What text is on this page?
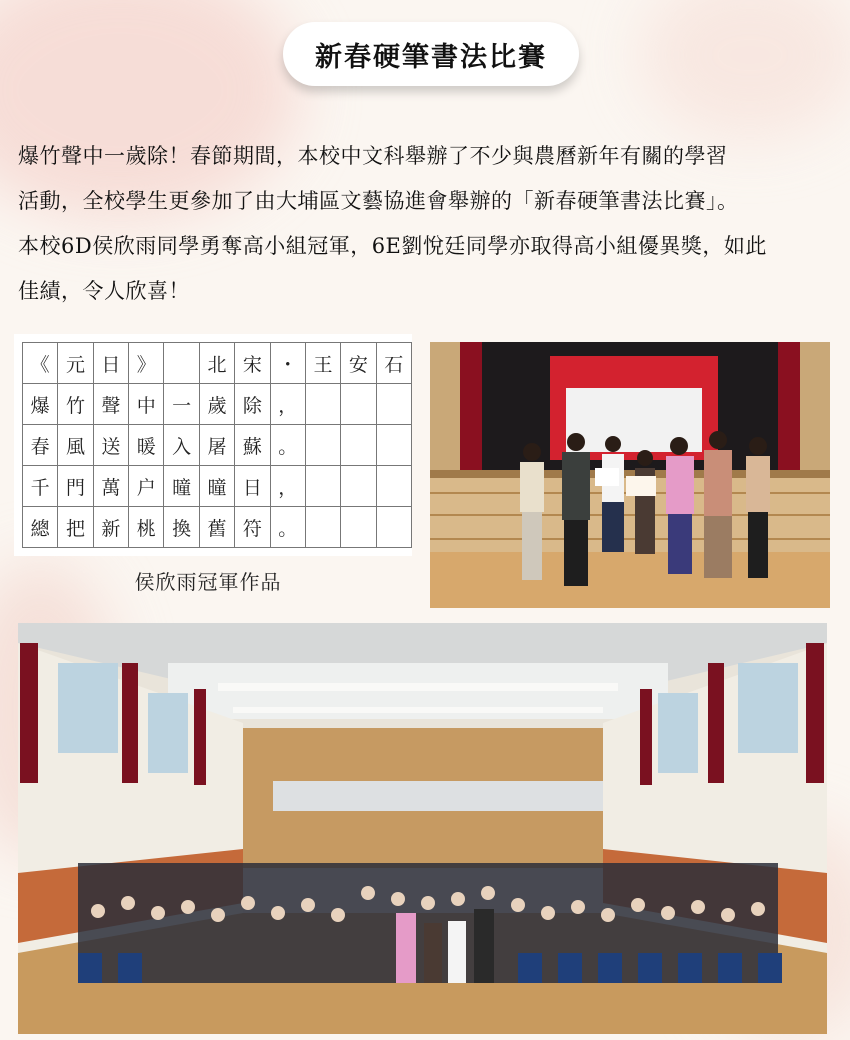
新春硬筆書法比賽
爆竹聲中一歲除！春節期間，本校中文科舉辦了不少與農曆新年有關的學習
活動，全校學生更參加了由大埔區文藝協進會舉辦的「新春硬筆書法比賽」。
本校6D侯欣雨同學勇奪高小組冠軍，6E劉悅廷同學亦取得高小組優異獎，如此
佳績，令人欣喜！
《	元	日	》		北	宋	・	王	安	石
爆	竹	聲	中	一	歲	除	，			
春	風	送	暖	入	屠	蘇	。			
千	門	萬	户	曈	曈	日	，			
總	把	新	桃	換	舊	符	。			
侯欣雨冠軍作品
